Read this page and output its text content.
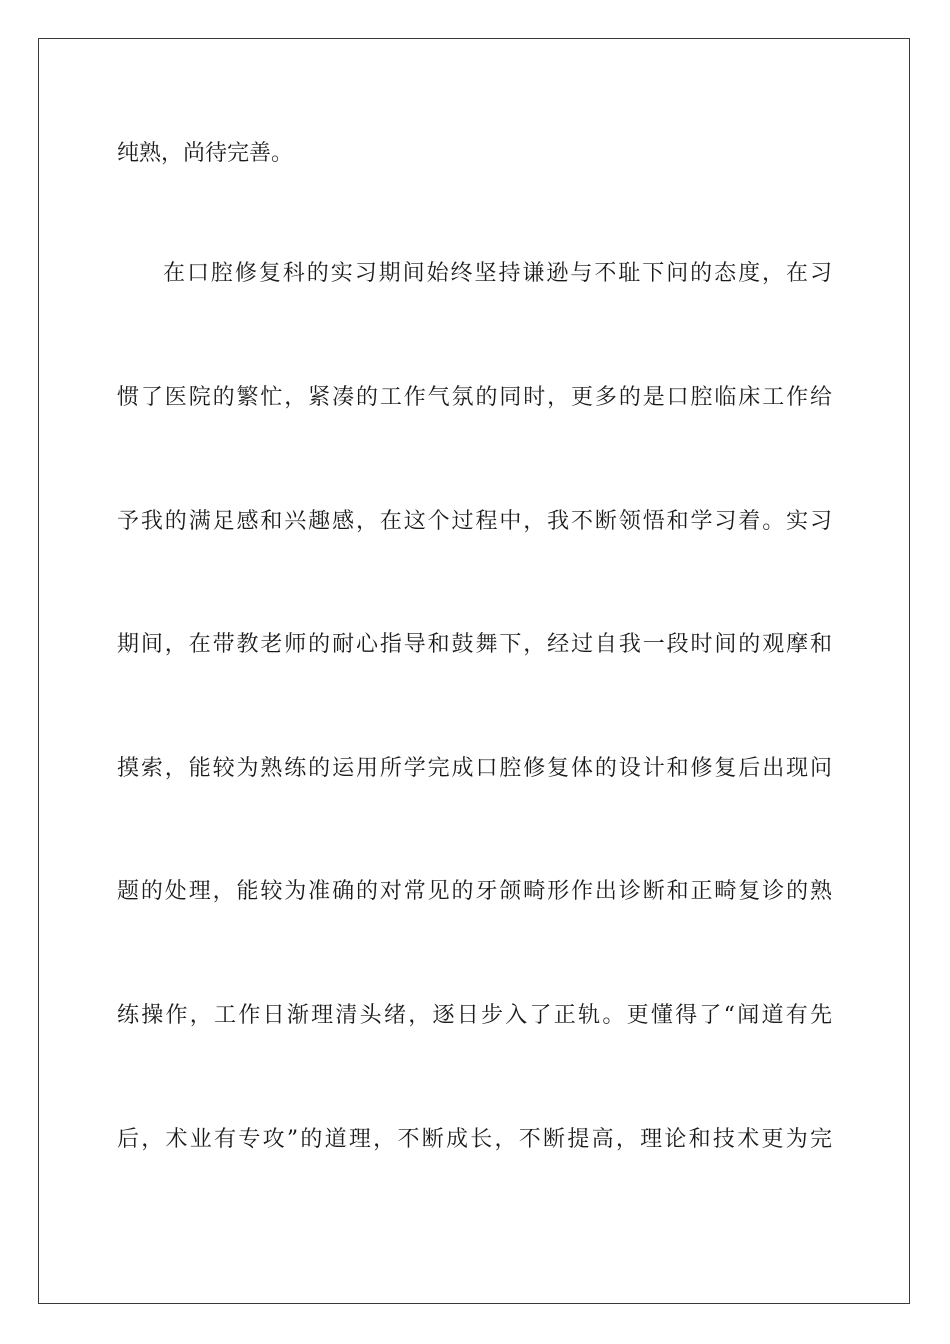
纯熟，尚待完善。
在口腔修复科的实习期间始终坚持谦逊与不耻下问的态度，在习
惯了医院的繁忙，紧凑的工作气氛的同时，更多的是口腔临床工作给
予我的满足感和兴趣感，在这个过程中，我不断领悟和学习着。实习
期间，在带教老师的耐心指导和鼓舞下，经过自我一段时间的观摩和
摸索，能较为熟练的运用所学完成口腔修复体的设计和修复后出现问
题的处理，能较为准确的对常见的牙颌畸形作出诊断和正畸复诊的熟
练操作，工作日渐理清头绪，逐日步入了正轨。更懂得了“闻道有先
后，术业有专攻”的道理，不断成长，不断提高，理论和技术更为完
